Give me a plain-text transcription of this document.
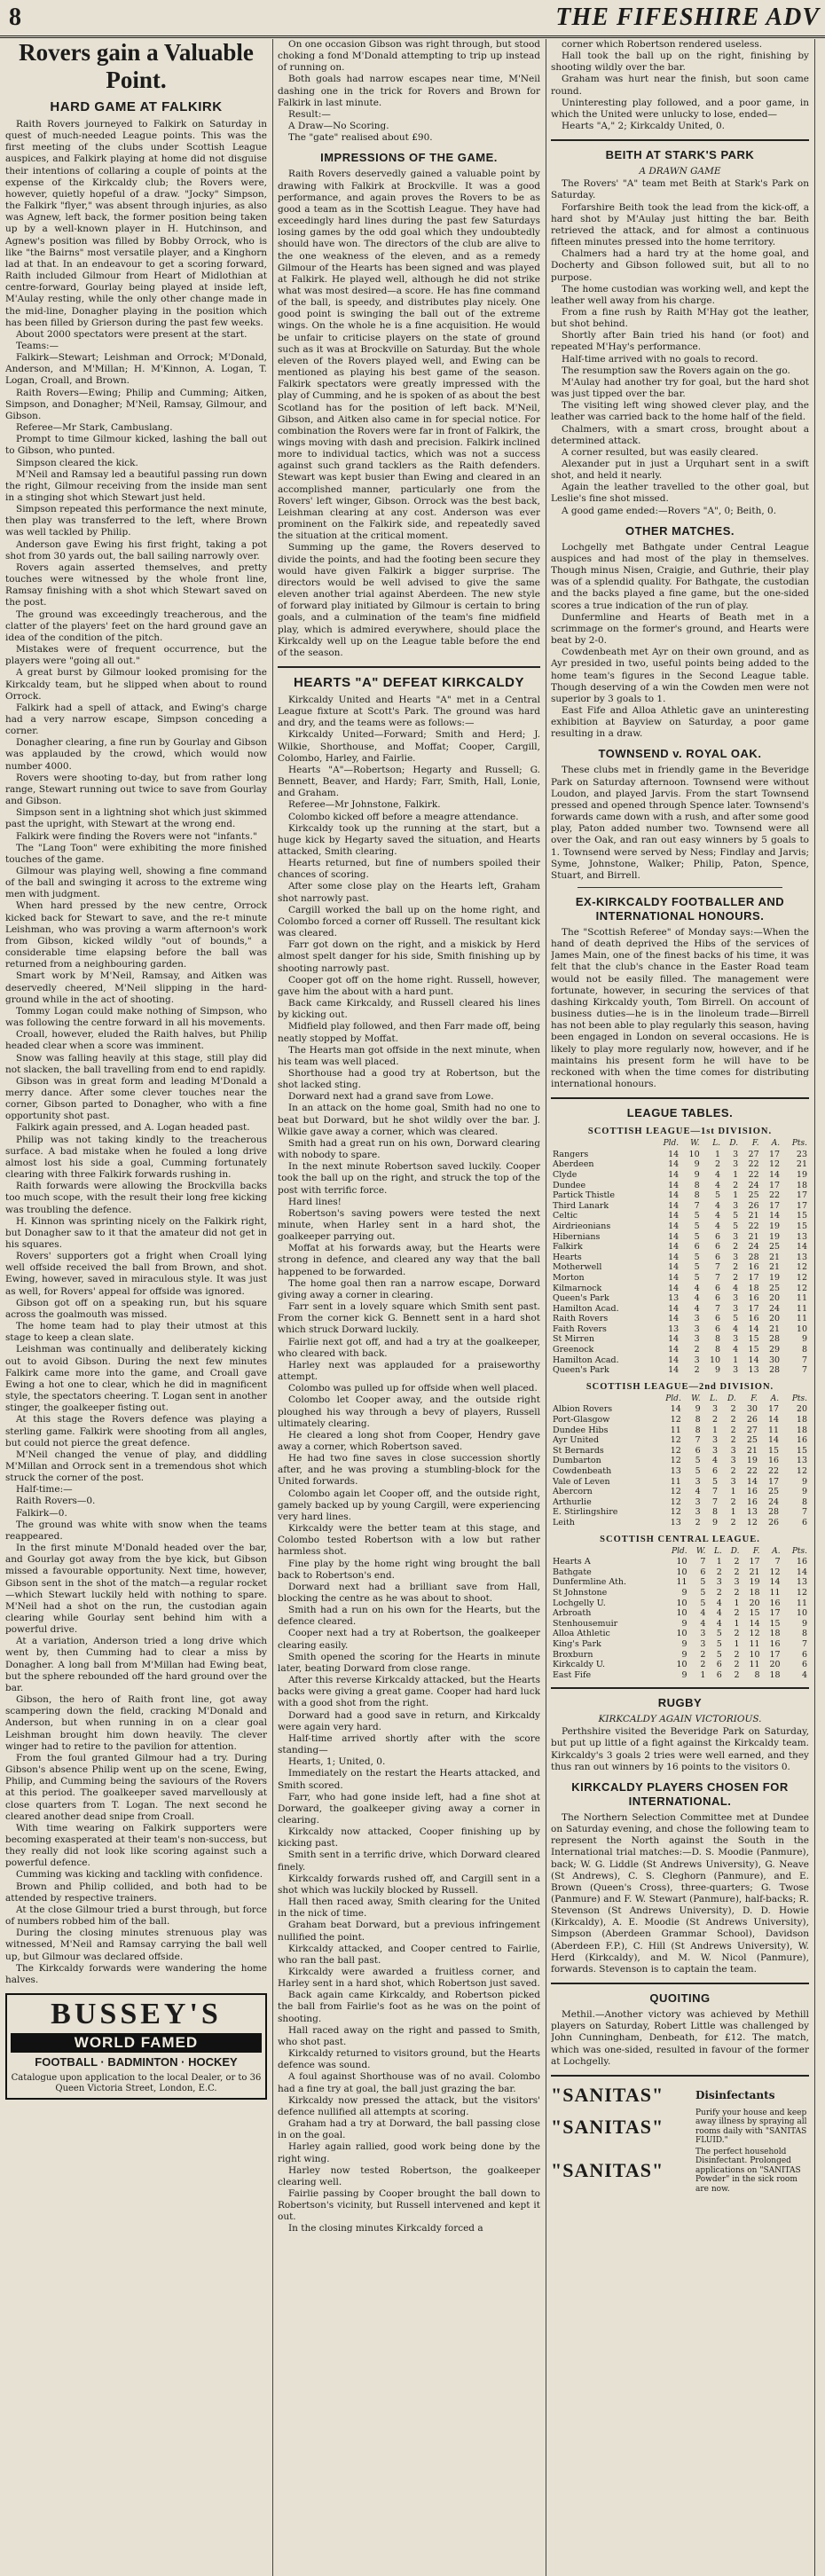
8	THE FIFESHIRE ADV
Rovers gain a Valuable Point.
HARD GAME AT FALKIRK

Raith Rovers journeyed to Falkirk on Saturday in quest of much-needed League points. This was the first meeting of the clubs under Scottish League auspices, and Falkirk playing at home did not disguise their intentions of collaring a couple of points at the expense of the Kirkcaldy club; the Rovers were, however, quietly hopeful of a draw. "Jocky" Simpson, the Falkirk "flyer," was absent through injuries, as also was Agnew, left back, the former position being taken up by a well-known player in H. Hutchinson, and Agnew's position was filled by Bobby Orrock, who is like "the Bairns" most versatile player, and a Kinghorn lad at that. In an endeavour to get a scoring forward, Raith included Gilmour from Heart of Midlothian at centre-forward, Gourlay being played at inside left, M'Aulay resting, while the only other change made in the mid-line, Donagher playing in the position which has been filled by Grierson during the past few weeks.

About 2000 spectators were present at the start.

Teams:—

Falkirk—Stewart; Leishman and Orrock; M'Donald, Anderson, and M'Millan; H. M'Kinnon, A. Logan, T. Logan, Croall, and Brown.

Raith Rovers—Ewing; Philip and Cumming; Aitken, Simpson, and Donagher; M'Neil, Ramsay, Gilmour, and Gibson.

Referee—Mr Stark, Cambuslang.

Prompt to time Gilmour kicked, lashing the ball out to Gibson, who punted.

Simpson cleared the kick.

M'Neil and Ramsay led a beautiful passing run down the right, Gilmour receiving from the inside man sent in a stinging shot which Stewart just held.

Simpson repeated this performance the next minute, then play was transferred to the left, where Brown was well tackled by Philip.

Anderson gave Ewing his first fright, taking a pot shot from 30 yards out, the ball sailing narrowly over.

Rovers again asserted themselves, and pretty touches were witnessed by the whole front line, Ramsay finishing with a shot which Stewart saved on the post.

The ground was exceedingly treacherous, and the clatter of the players' feet on the hard ground gave an idea of the condition of the pitch.

Mistakes were of frequent occurrence, but the players were "going all out."

A great burst by Gilmour looked promising for the Kirkcaldy team, but he slipped when about to round Orrock.

Falkirk had a spell of attack, and Ewing's charge had a very narrow escape, Simpson conceding a corner.

Donagher clearing, a fine run by Gourlay and Gibson was applauded by the crowd, which would now number 4000.

Rovers were shooting to-day, but from rather long range, Stewart running out twice to save from Gourlay and Gibson.

Simpson sent in a lightning shot which just skimmed past the upright, with Stewart at the wrong end.

Falkirk were finding the Rovers were not "infants."

The "Lang Toon" were exhibiting the more finished touches of the game.

Gilmour was playing well, showing a fine command of the ball and swinging it across to the extreme wing men with judgment.

When hard pressed by the new centre, Orrock kicked back for Stewart to save, and the re-t minute Leishman, who was proving a warm afternoon's work from Gibson, kicked wildly "out of bounds," a considerable time elapsing before the ball was returned from a neighbouring garden.

Smart work by M'Neil, Ramsay, and Aitken was deservedly cheered, M'Neil slipping in the hard-ground while in the act of shooting.

Tommy Logan could make nothing of Simpson, who was following the centre forward in all his movements.

Croall, however, eluded the Raith halves, but Philip headed clear when a score was imminent.

Snow was falling heavily at this stage, still play did not slacken, the ball travelling from end to end rapidly.

Gibson was in great form and leading M'Donald a merry dance. After some clever touches near the corner, Gibson parted to Donagher, who with a fine opportunity shot past.

Falkirk again pressed, and A. Logan headed past.

Philip was not taking kindly to the treacherous surface. A bad mistake when he fouled a long drive almost lost his side a goal, Cumming fortunately clearing with three Falkirk forwards rushing in.

Raith forwards were allowing the Brockvilla backs too much scope, with the result their long free kicking was troubling the defence.

H. Kinnon was sprinting nicely on the Falkirk right, but Donagher saw to it that the amateur did not get in his squares.

Rovers' supporters got a fright when Croall lying well offside received the ball from Brown, and shot. Ewing, however, saved in miraculous style. It was just as well, for Rovers' appeal for offside was ignored.

Gibson got off on a speaking run, but his square across the goalmouth was missed.

The home team had to play their utmost at this stage to keep a clean slate.

Leishman was continually and deliberately kicking out to avoid Gibson. During the next few minutes Falkirk came more into the game, and Croall gave Ewing a hot one to clear, which he did in magnificent style, the spectators cheering. T. Logan sent in another stinger, the goalkeeper fisting out.

At this stage the Rovers defence was playing a sterling game. Falkirk were shooting from all angles, but could not pierce the great defence.

M'Neil changed the venue of play, and diddling M'Millan and Orrock sent in a tremendous shot which struck the corner of the post.

Half-time:—

Raith Rovers—0.

Falkirk—0.

The ground was white with snow when the teams reappeared.

In the first minute M'Donald headed over the bar, and Gourlay got away from the bye kick, but Gibson missed a favourable opportunity. Next time, however, Gibson sent in the shot of the match—a regular rocket—which Stewart luckily held with nothing to spare. M'Neil had a shot on the run, the custodian again clearing while Gourlay sent behind him with a powerful drive.

At a variation, Anderson tried a long drive which went by, then Cumming had to clear a miss by Donagher. A long ball from M'Millan had Ewing beat, but the sphere rebounded off the hard ground over the bar.

Gibson, the hero of Raith front line, got away scampering down the field, cracking M'Donald and Anderson, but when running in on a clear goal Leishman brought him down heavily. The clever winger had to retire to the pavilion for attention.

From the foul granted Gilmour had a try. During Gibson's absence Philip went up on the scene, Ewing, Philip, and Cumming being the saviours of the Rovers at this period. The goalkeeper saved marvellously at close quarters from T. Logan. The next second he cleared another dead snipe from Croall.

With time wearing on Falkirk supporters were becoming exasperated at their team's non-success, but they really did not look like scoring against such a powerful defence.

Cumming was kicking and tackling with confidence.

Brown and Philip collided, and both had to be attended by respective trainers.

At the close Gilmour tried a burst through, but force of numbers robbed him of the ball.

During the closing minutes strenuous play was witnessed, M'Neil and Ramsay carrying the ball well up, but Gilmour was declared offside.

The Kirkcaldy forwards were wandering the home halves.

BUSSEY'S
WORLD FAMED
FOOTBALL · BADMINTON · HOCKEY
Catalogue upon application to the local Dealer, or to 36 Queen Victoria Street, London, E.C.

On one occasion Gibson was right through, but stood choking a fond M'Donald attempting to trip up instead of running on.

Both goals had narrow escapes near time, M'Neil dashing one in the trick for Rovers and Brown for Falkirk in last minute.

Result:—

A Draw—No Scoring.

The "gate" realised about £90.

IMPRESSIONS OF THE GAME.

Raith Rovers deservedly gained a valuable point by drawing with Falkirk at Brockville. It was a good performance, and again proves the Rovers to be as good a team as in the Scottish League. They have had exceedingly hard lines during the past few Saturdays losing games by the odd goal which they undoubtedly should have won. The directors of the club are alive to the one weakness of the eleven, and as a remedy Gilmour of the Hearts has been signed and was played at Falkirk. He played well, although he did not strike what was most desired—a score. He has fine command of the ball, is speedy, and distributes play nicely. One good point is swinging the ball out of the extreme wings. On the whole he is a fine acquisition. He would be unfair to criticise players on the state of ground such as it was at Brockville on Saturday. But the whole eleven of the Rovers played well, and Ewing can be mentioned as playing his best game of the season. Falkirk spectators were greatly impressed with the play of Cumming, and he is spoken of as about the best Scotland has for the position of left back. M'Neil, Gibson, and Aitken also came in for special notice. For combination the Rovers were far in front of Falkirk, the wings moving with dash and precision. Falkirk inclined more to individual tactics, which was not a success against such grand tacklers as the Raith defenders. Stewart was kept busier than Ewing and cleared in an accomplished manner, particularly one from the Rovers' left winger, Gibson. Orrock was the best back, Leishman clearing at any cost. Anderson was ever prominent on the Falkirk side, and repeatedly saved the situation at the critical moment.

Summing up the game, the Rovers deserved to divide the points, and had the footing been secure they would have given Falkirk a bigger surprise. The directors would be well advised to give the same eleven another trial against Aberdeen. The new style of forward play initiated by Gilmour is certain to bring goals, and a culmination of the team's fine midfield play, which is admired everywhere, should place the Kirkcaldy well up on the League table before the end of the season.

HEARTS "A" DEFEAT KIRKCALDY

Kirkcaldy United and Hearts "A" met in a Central League fixture at Scott's Park. The ground was hard and dry, and the teams were as follows:—

Kirkcaldy United—Forward; Smith and Herd; J. Wilkie, Shorthouse, and Moffat; Cooper, Cargill, Colombo, Harley, and Fairlie.

Hearts "A"—Robertson; Hegarty and Russell; G. Bennett, Beaver, and Hardy; Farr, Smith, Hall, Lonie, and Graham.

Referee—Mr Johnstone, Falkirk.

Colombo kicked off before a meagre attendance.

Kirkcaldy took up the running at the start, but a huge kick by Hegarty saved the situation, and Hearts attacked, Smith clearing.

Hearts returned, but fine of numbers spoiled their chances of scoring.

After some close play on the Hearts left, Graham shot narrowly past.

Cargill worked the ball up on the home right, and Colombo forced a corner off Russell. The resultant kick was cleared.

Farr got down on the right, and a miskick by Herd almost spelt danger for his side, Smith finishing up by shooting narrowly past.

Cooper got off on the home right. Russell, however, gave him the about with a hard punt.

Back came Kirkcaldy, and Russell cleared his lines by kicking out.

Midfield play followed, and then Farr made off, being neatly stopped by Moffat.

The Hearts man got offside in the next minute, when his team was well placed.

Shorthouse had a good try at Robertson, but the shot lacked sting.

Dorward next had a grand save from Lowe.

In an attack on the home goal, Smith had no one to beat but Dorward, but he shot wildly over the bar. J. Wilkie gave away a corner, which was cleared.

Smith had a great run on his own, Dorward clearing with nobody to spare.

In the next minute Robertson saved luckily. Cooper took the ball up on the right, and struck the top of the post with terrific force.

Hard lines!

Robertson's saving powers were tested the next minute, when Harley sent in a hard shot, the goalkeeper parrying out.

Moffat at his forwards away, but the Hearts were strong in defence, and cleared any way that the ball happened to be forwarded.

The home goal then ran a narrow escape, Dorward giving away a corner in clearing.

Farr sent in a lovely square which Smith sent past. From the corner kick G. Bennett sent in a hard shot which struck Dorward luckily.

Fairlie next got off, and had a try at the goalkeeper, who cleared with back.

Harley next was applauded for a praiseworthy attempt.

Colombo was pulled up for offside when well placed.

Colombo let Cooper away, and the outside right ploughed his way through a bevy of players, Russell ultimately clearing.

He cleared a long shot from Cooper, Hendry gave away a corner, which Robertson saved.

He had two fine saves in close succession shortly after, and he was proving a stumbling-block for the United forwards.

Colombo again let Cooper off, and the outside right, gamely backed up by young Cargill, were experiencing very hard lines.

Kirkcaldy were the better team at this stage, and Colombo tested Robertson with a low but rather harmless shot.

Fine play by the home right wing brought the ball back to Robertson's end.

Dorward next had a brilliant save from Hall, blocking the centre as he was about to shoot.

Smith had a run on his own for the Hearts, but the defence cleared.

Cooper next had a try at Robertson, the goalkeeper clearing easily.

Smith opened the scoring for the Hearts in minute later, beating Dorward from close range.

After this reverse Kirkcaldy attacked, but the Hearts backs were giving a great game. Cooper had hard luck with a good shot from the right.

Dorward had a good save in return, and Kirkcaldy were again very hard.

Half-time arrived shortly after with the score standing—

Hearts, 1; United, 0.

Immediately on the restart the Hearts attacked, and Smith scored.

Farr, who had gone inside left, had a fine shot at Dorward, the goalkeeper giving away a corner in clearing.

Kirkcaldy now attacked, Cooper finishing up by kicking past.

Smith sent in a terrific drive, which Dorward cleared finely.

Kirkcaldy forwards rushed off, and Cargill sent in a shot which was luckily blocked by Russell.

Hall then raced away, Smith clearing for the United in the nick of time.

Graham beat Dorward, but a previous infringement nullified the point.

Kirkcaldy attacked, and Cooper centred to Fairlie, who ran the ball past.

Kirkcaldy were awarded a fruitless corner, and Harley sent in a hard shot, which Robertson just saved.

Back again came Kirkcaldy, and Robertson picked the ball from Fairlie's foot as he was on the point of shooting.

Hall raced away on the right and passed to Smith, who shot past.

Kirkcaldy returned to visitors ground, but the Hearts defence was sound.

A foul against Shorthouse was of no avail. Colombo had a fine try at goal, the ball just grazing the bar.

Kirkcaldy now pressed the attack, but the visitors' defence nullified all attempts at scoring.

Graham had a try at Dorward, the ball passing close in on the goal.

Harley again rallied, good work being done by the right wing.

Harley now tested Robertson, the goalkeeper clearing well.

Fairlie passing by Cooper brought the ball down to Robertson's vicinity, but Russell intervened and kept it out.

In the closing minutes Kirkcaldy forced a

corner which Robertson rendered useless.

Hall took the ball up on the right, finishing by shooting wildly over the bar.

Graham was hurt near the finish, but soon came round.

Uninteresting play followed, and a poor game, in which the United were unlucky to lose, ended—

Hearts "A," 2; Kirkcaldy United, 0.

BEITH AT STARK'S PARK
A DRAWN GAME

The Rovers' "A" team met Beith at Stark's Park on Saturday.

Forfarshire Beith took the lead from the kick-off, a hard shot by M'Aulay just hitting the bar. Beith retrieved the attack, and for almost a continuous fifteen minutes pressed into the home territory.

Chalmers had a hard try at the home goal, and Docherty and Gibson followed suit, but all to no purpose.

The home custodian was working well, and kept the leather well away from his charge.

From a fine rush by Raith M'Hay got the leather, but shot behind.

Shortly after Bain tried his hand (or foot) and repeated M'Hay's performance.

Half-time arrived with no goals to record.

The resumption saw the Rovers again on the go.

M'Aulay had another try for goal, but the hard shot was just tipped over the bar.

The visiting left wing showed clever play, and the leather was carried back to the home half of the field.

Chalmers, with a smart cross, brought about a determined attack.

A corner resulted, but was easily cleared.

Alexander put in just a Urquhart sent in a swift shot, and held it nearly.

Again the leather travelled to the other goal, but Leslie's fine shot missed.

A good game ended:—Rovers "A", 0; Beith, 0.

OTHER MATCHES.

Lochgelly met Bathgate under Central League auspices and had most of the play in themselves. Though minus Nisen, Craigie, and Guthrie, their play was of a splendid quality. For Bathgate, the custodian and the backs played a fine game, but the one-sided scores a true indication of the run of play.

Dunfermline and Hearts of Beath met in a scrimmage on the former's ground, and Hearts were beat by 2-0.

Cowdenbeath met Ayr on their own ground, and as Ayr presided in two, useful points being added to the home team's figures in the Second League table. Though deserving of a win the Cowden men were not superior by 3 goals to 1.

East Fife and Alloa Athletic gave an uninteresting exhibition at Bayview on Saturday, a poor game resulting in a draw.

TOWNSEND v. ROYAL OAK.

These clubs met in friendly game in the Beveridge Park on Saturday afternoon. Townsend were without Loudon, and played Jarvis. From the start Townsend pressed and opened through Spence later. Townsend's forwards came down with a rush, and after some good play, Paton added number two. Townsend were all over the Oak, and ran out easy winners by 5 goals to 1. Townsend were served by Ness; Findlay and Jarvis; Syme, Johnstone, Walker; Philip, Paton, Spence, Stuart, and Birrell.

EX-KIRKCALDY FOOTBALLER AND INTERNATIONAL HONOURS.

The "Scottish Referee" of Monday says:—When the hand of death deprived the Hibs of the services of James Main, one of the finest backs of his time, it was felt that the club's chance in the Easter Road team would not be easily filled. The management were fortunate, however, in securing the services of that dashing Kirkcaldy youth, Tom Birrell. On account of business duties—he is in the linoleum trade—Birrell has not been able to play regularly this season, having been engaged in London on several occasions. He is likely to play more regularly now, however, and if he maintains his present form he will have to be reckoned with when the time comes for distributing international honours.

LEAGUE TABLES.
SCOTTISH LEAGUE—1st DIVISION.
	Pld.	W.	L.	D.	F.	A.	Pts.
Rangers	14	10	1	3	27	17	23
Aberdeen	14	9	2	3	22	12	21
Clyde	14	9	4	1	22	14	19
Dundee	14	8	4	2	24	17	18
Partick Thistle	14	8	5	1	25	22	17
Third Lanark	14	7	4	3	26	17	17
Celtic	14	5	4	5	21	14	15
Airdrieonians	14	5	4	5	22	19	15
Hibernians	14	5	6	3	21	19	13
Falkirk	14	6	6	2	24	25	14
Hearts	14	5	6	3	28	21	13
Motherwell	14	5	7	2	16	21	12
Morton	14	5	7	2	17	19	12
Kilmarnock	14	4	6	4	18	25	12
Queen's Park	13	4	6	3	16	20	11
Hamilton Acad.	14	4	7	3	17	24	11
Raith Rovers	14	3	6	5	16	20	11
Faith Rovers	13	3	6	4	14	21	10
St Mirren	14	3	8	3	15	28	9
Greenock	14	2	8	4	15	29	8
Hamilton Acad.	14	3	10	1	14	30	7
Queen's Park	14	2	9	3	13	28	7
SCOTTISH LEAGUE—2nd DIVISION.
	Pld.	W.	L.	D.	F.	A.	Pts.
Albion Rovers	14	9	3	2	30	17	20
Port-Glasgow	12	8	2	2	26	14	18
Dundee Hibs	11	8	1	2	27	11	18
Ayr United	12	7	3	2	25	14	16
St Bernards	12	6	3	3	21	15	15
Dumbarton	12	5	4	3	19	16	13
Cowdenbeath	13	5	6	2	22	22	12
Vale of Leven	11	3	5	3	14	17	9
Abercorn	12	4	7	1	16	25	9
Arthurlie	12	3	7	2	16	24	8
E. Stirlingshire	12	3	8	1	13	28	7
Leith	13	2	9	2	12	26	6
SCOTTISH CENTRAL LEAGUE.
	Pld.	W.	L.	D.	F.	A.	Pts.
Hearts A	10	7	1	2	17	7	16
Bathgate	10	6	2	2	21	12	14
Dunfermline Ath.	11	5	3	3	19	14	13
St Johnstone	9	5	2	2	18	11	12
Lochgelly U.	10	5	4	1	20	16	11
Arbroath	10	4	4	2	15	17	10
Stenhousemuir	9	4	4	1	14	15	9
Alloa Athletic	10	3	5	2	12	18	8
King's Park	9	3	5	1	11	16	7
Broxburn	9	2	5	2	10	17	6
Kirkcaldy U.	10	2	6	2	11	20	6
East Fife	9	1	6	2	8	18	4
RUGBY
KIRKCALDY AGAIN VICTORIOUS.

Perthshire visited the Beveridge Park on Saturday, but put up little of a fight against the Kirkcaldy team. Kirkcaldy's 3 goals 2 tries were well earned, and they thus ran out winners by 16 points to the visitors 0.

KIRKCALDY PLAYERS CHOSEN FOR INTERNATIONAL.

The Northern Selection Committee met at Dundee on Saturday evening, and chose the following team to represent the North against the South in the International trial matches:—D. S. Moodie (Panmure), back; W. G. Liddle (St Andrews University), G. Neave (St Andrews), C. S. Cleghorn (Panmure), and E. Brown (Queen's Cross), three-quarters; G. Twose (Panmure) and F. W. Stewart (Panmure), half-backs; R. Stevenson (St Andrews University), D. D. Howie (Kirkcaldy), A. E. Moodie (St Andrews University), Simpson (Aberdeen Grammar School), Davidson (Aberdeen F.P.), C. Hill (St Andrews University), W. Herd (Kirkcaldy), and M. W. Nicol (Panmure), forwards. Stevenson is to captain the team.

QUOITING

Methil.—Another victory was achieved by Methill players on Saturday, Robert Little was challenged by John Cunningham, Denbeath, for £12. The match, which was one-sided, resulted in favour of the former at Lochgelly.

"SANITAS"	Disinfectants
"SANITAS"
Purify your house and keep away illness by spraying all rooms daily with "SANITAS FLUID."
"SANITAS"
The perfect household Disinfectant. Prolonged applications on "SANITAS Powder" in the sick room are now.
